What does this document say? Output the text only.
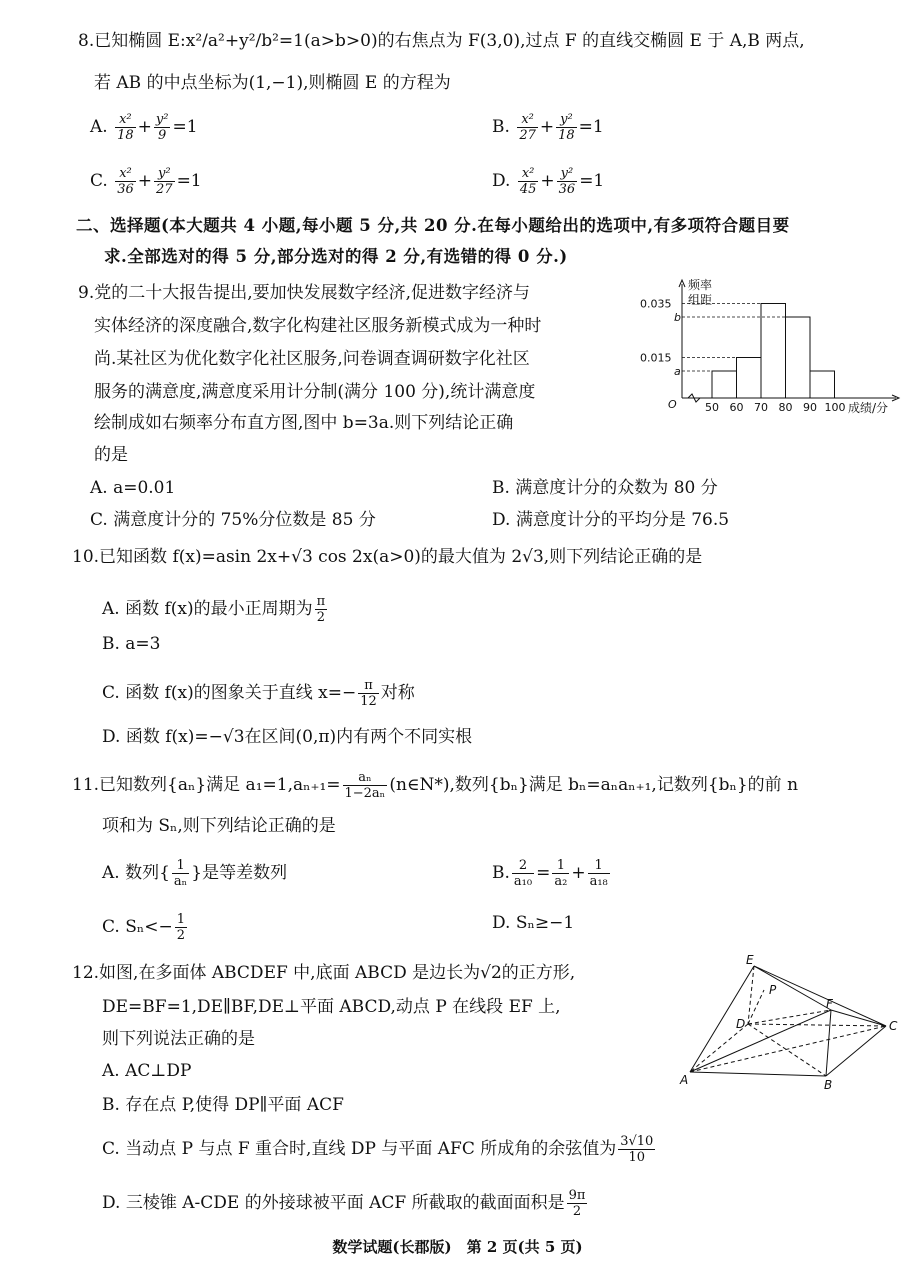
8.已知椭圆 E:x²/a²+y²/b²=1(a>b>0)的右焦点为 F(3,0),过点 F 的直线交椭圆 E 于 A,B 两点,
若 AB 的中点坐标为(1,−1),则椭圆 E 的方程为
A. $\frac{\text{x²}}{18} + \frac{\text{y²}}{9} =1$	B. $\frac{\text{x²}}{27} + \frac{\text{y²}}{18} =1$
C. $\frac{\text{x²}}{36} + \frac{\text{y²}}{27} =1$	D. $\frac{\text{x²}}{45} + \frac{\text{y²}}{36} =1$
二、选择题(本大题共 4 小题,每小题 5 分,共 20 分.在每小题给出的选项中,有多项符合题目要
求.全部选对的得 5 分,部分选对的得 2 分,有选错的得 0 分.)
9.党的二十大报告提出,要加快发展数字经济,促进数字经济与
实体经济的深度融合,数字化构建社区服务新模式成为一种时
尚.某社区为优化数字化社区服务,问卷调查调研数字化社区
服务的满意度,满意度采用计分制(满分 100 分),统计满意度
绘制成如右频率分布直方图,图中 b=3a.则下列结论正确
的是
频率
组距
O
0.035
b
0.015
a
50 60 70 80 90 100 成绩/分
A. a=0.01	B. 满意度计分的众数为 80 分
C. 满意度计分的 75%分位数是 85 分	D. 满意度计分的平均分是 76.5
10.已知函数 f(x)=asin 2x+√3 cos 2x(a>0)的最大值为 2√3,则下列结论正确的是
A. 函数 f(x)的最小正周期为 $\frac{\pi}{2}$
B. a=3
C. 函数 f(x)的图象关于直线 $x=- \frac{\pi}{12}$ 对称
D. 函数 f(x)=−√3在区间(0,π)内有两个不同实根
11.已知数列{aₙ}满足 $a_1=1,a_{n+1}= \frac{\text{aₙ}}{\text{1−2aₙ}}$ (n∈N*),数列{bₙ}满足 bₙ=aₙaₙ₊₁,记数列{bₙ}的前 n
项和为 Sₙ,则下列结论正确的是
A. 数列{ $\frac{1}{\text{aₙ}}$ }是等差数列	B. $\frac{2}{\text{a₁₀}} = \frac{1}{\text{a₂}} + \frac{1}{\text{a₁₈}}$
C. $S_n<- \frac{1}{2}$	D. Sₙ≥−1
12.如图,在多面体 ABCDEF 中,底面 ABCD 是边长为√2的正方形,
DE=BF=1,DE∥BF,DE⊥平面 ABCD,动点 P 在线段 EF 上,
则下列说法正确的是
A. AC⊥DP
B. 存在点 P,使得 DP∥平面 ACF
C. 当动点 P 与点 F 重合时,直线 DP 与平面 AFC 所成角的余弦值为 $\frac{3√10}{10}$
D. 三棱锥 A-CDE 的外接球被平面 ACF 所截取的截面面积是 $\frac{9\pi}{2}$
E
P
D
F
C
A	B
数学试题(长郡版)　第 2 页(共 5 页)
